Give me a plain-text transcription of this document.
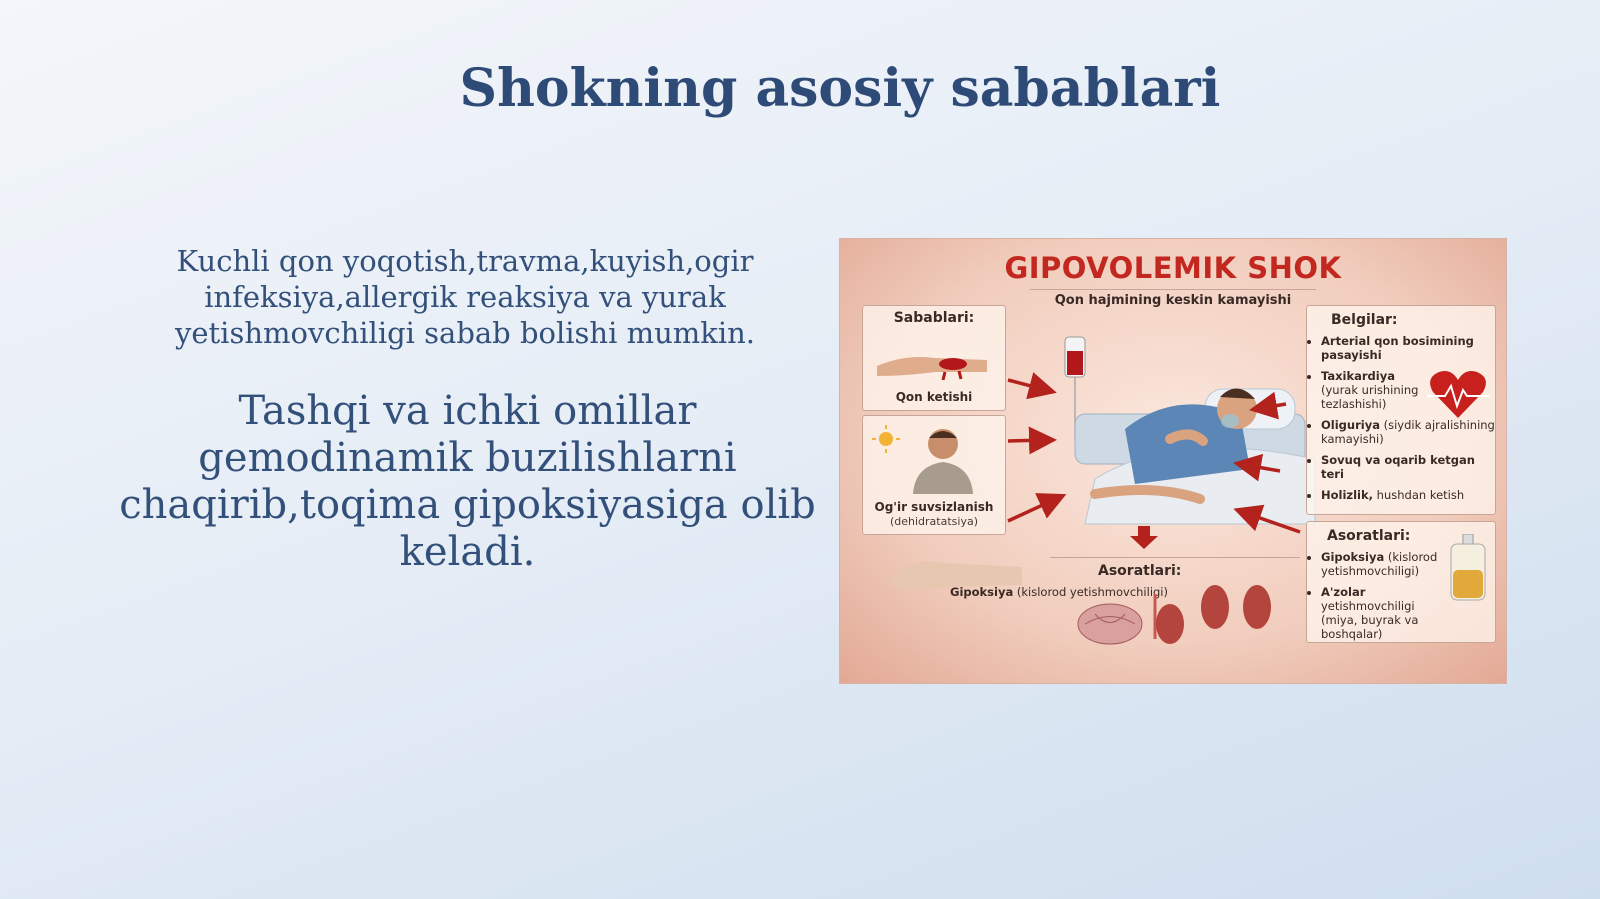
Shokning asosiy sabablari
Kuchli qon yoqotish,travma,kuyish,ogir infeksiya,allergik reaksiya va yurak yetishmovchiligi sabab bolishi mumkin.
Tashqi va ichki omillar gemodinamik buzilishlarni chaqirib,toqima gipoksiyasiga olib keladi.
GIPOVOLEMIK SHOK
Qon hajmining keskin kamayishi
Sabablari:
Qon ketishi
Og'ir suvsizlanish
(dehidratatsiya)
Asoratlari:
Gipoksiya (kislorod yetishmovchiligi)
Belgilar:
• Arterial qon bosimining pasayishi
• Taxikardiya (yurak urishining tezlashishi)
• Oliguriya (siydik ajralishining kamayishi)
• Sovuq va oqarib ketgan teri
• Holizlik, hushdan ketish
Asoratlari:
• Gipoksiya (kislorod yetishmovchiligi)
• A'zolar yetishmovchiligi (miya, buyrak va boshqalar)
